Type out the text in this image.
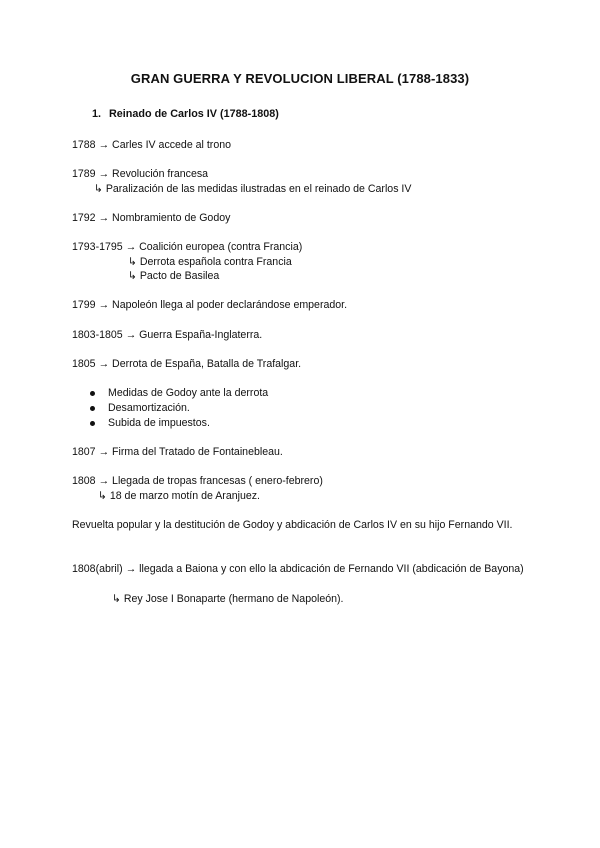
GRAN GUERRA Y REVOLUCION LIBERAL (1788-1833)
1. Reinado de Carlos IV (1788-1808)
1788 → Carles IV accede al trono
1789 → Revolución francesa
↳ Paralización de las medidas ilustradas en el reinado de Carlos IV
1792 → Nombramiento de Godoy
1793-1795 → Coalición europea (contra Francia)
↳ Derrota española contra Francia
↳ Pacto de Basilea
1799 → Napoleón llega al poder declarándose emperador.
1803-1805 → Guerra España-Inglaterra.
1805 → Derrota de España, Batalla de Trafalgar.
Medidas de Godoy ante la derrota
Desamortización.
Subida de impuestos.
1807 → Firma del Tratado de Fontainebleau.
1808 → Llegada de tropas francesas ( enero-febrero)
↳ 18 de marzo motín de Aranjuez.
Revuelta popular y la destitución de Godoy y abdicación de Carlos IV en su hijo Fernando VII.
1808(abril) → llegada a Baiona y con ello la abdicación de Fernando VII (abdicación de Bayona)
↳ Rey Jose I Bonaparte (hermano de Napoleón).
